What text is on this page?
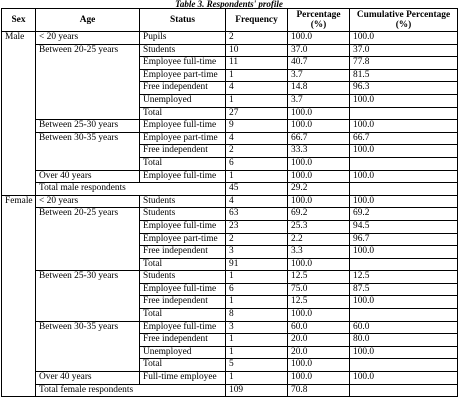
Table 3. Respondents' profile
Sex	Age	Status	Frequency	Percentage (%)	Cumulative Percentage (%)
Male	< 20 years	Pupils	2	100.0	100.0
	Between 20-25 years	Students	10	37.0	37.0
		Employee full-time	11	40.7	77.8
		Employee part-time	1	3.7	81.5
		Free independent	4	14.8	96.3
		Unemployed	1	3.7	100.0
		Total	27	100.0	
	Between 25-30 years	Employee full-time	9	100.0	100.0
	Between 30-35 years	Employee part-time	4	66.7	66.7
		Free independent	2	33.3	100.0
		Total	6	100.0	
	Over 40 years	Employee full-time	1	100.0	100.0
	Total male respondents		45	29.2	
Female	< 20 years	Students	4	100.0	100.0
	Between 20-25 years	Students	63	69.2	69.2
		Employee full-time	23	25.3	94.5
		Employee part-time	2	2.2	96.7
		Free independent	3	3.3	100.0
		Total	91	100.0	
	Between 25-30 years	Students	1	12.5	12.5
		Employee full-time	6	75.0	87.5
		Free independent	1	12.5	100.0
		Total	8	100.0	
	Between 30-35 years	Employee full-time	3	60.0	60.0
		Free independent	1	20.0	80.0
		Unemployed	1	20.0	100.0
		Total	5	100.0	
	Over 40 years	Full-time employee	1	100.0	100.0
	Total female respondents		109	70.8	
